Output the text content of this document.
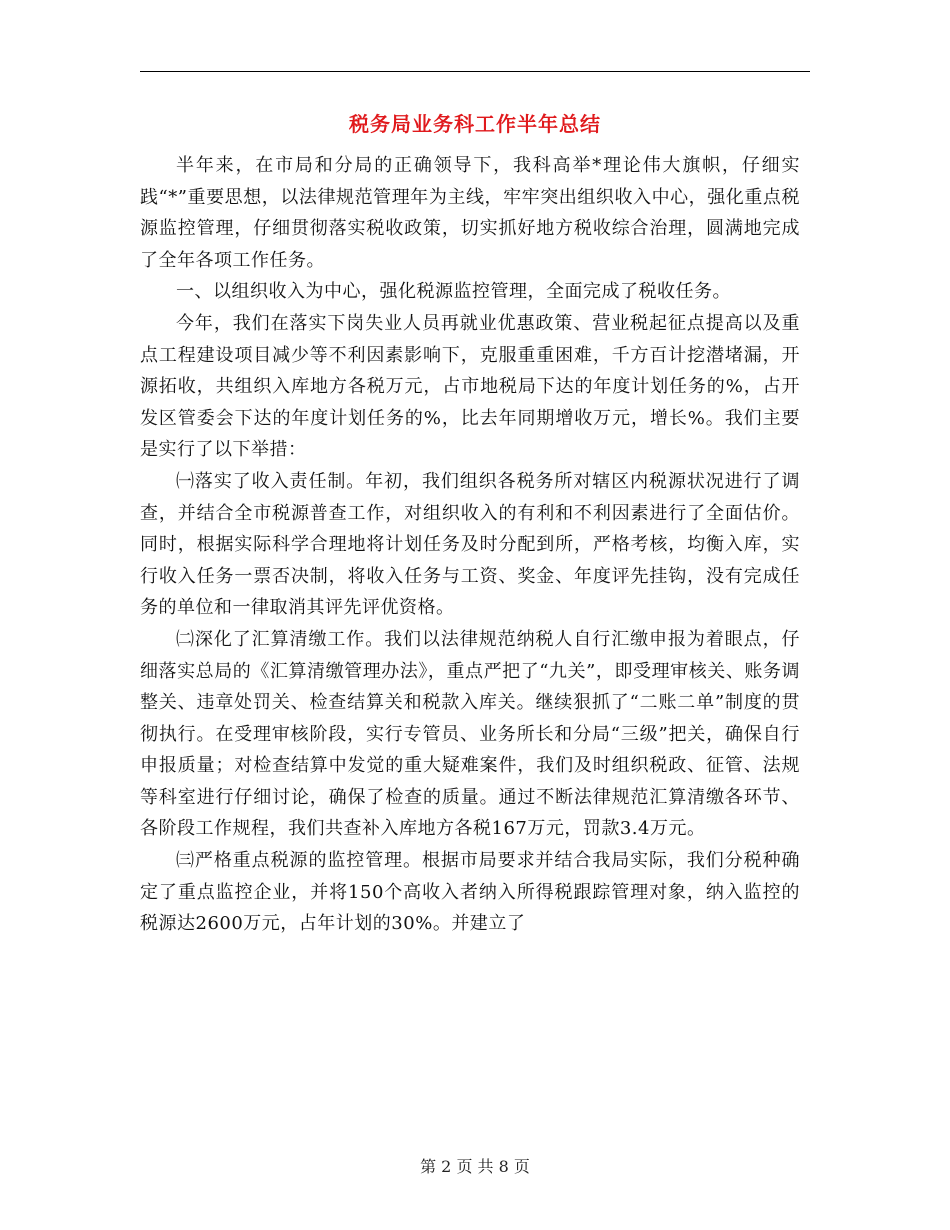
税务局业务科工作半年总结

半年来，在市局和分局的正确领导下，我科高举*理论伟大旗帜，仔细实践“*”重要思想，以法律规范管理年为主线，牢牢突出组织收入中心，强化重点税源监控管理，仔细贯彻落实税收政策，切实抓好地方税收综合治理，圆满地完成了全年各项工作任务。

一、以组织收入为中心，强化税源监控管理，全面完成了税收任务。

今年，我们在落实下岗失业人员再就业优惠政策、营业税起征点提高以及重点工程建设项目减少等不利因素影响下，克服重重困难，千方百计挖潜堵漏，开源拓收，共组织入库地方各税万元，占市地税局下达的年度计划任务的%，占开发区管委会下达的年度计划任务的%，比去年同期增收万元，增长%。我们主要是实行了以下举措：

㈠落实了收入责任制。年初，我们组织各税务所对辖区内税源状况进行了调查，并结合全市税源普查工作，对组织收入的有利和不利因素进行了全面估价。同时，根据实际科学合理地将计划任务及时分配到所，严格考核，均衡入库，实行收入任务一票否决制，将收入任务与工资、奖金、年度评先挂钩，没有完成任务的单位和一律取消其评先评优资格。

㈡深化了汇算清缴工作。我们以法律规范纳税人自行汇缴申报为着眼点，仔细落实总局的《汇算清缴管理办法》，重点严把了“九关”，即受理审核关、账务调整关、违章处罚关、检查结算关和税款入库关。继续狠抓了“二账二单”制度的贯彻执行。在受理审核阶段，实行专管员、业务所长和分局“三级”把关，确保自行申报质量；对检查结算中发觉的重大疑难案件，我们及时组织税政、征管、法规等科室进行仔细讨论，确保了检查的质量。通过不断法律规范汇算清缴各环节、各阶段工作规程，我们共查补入库地方各税167万元，罚款3.4万元。

㈢严格重点税源的监控管理。根据市局要求并结合我局实际，我们分税种确定了重点监控企业，并将150个高收入者纳入所得税跟踪管理对象，纳入监控的税源达2600万元，占年计划的30%。并建立了

第 2 页 共 8 页
